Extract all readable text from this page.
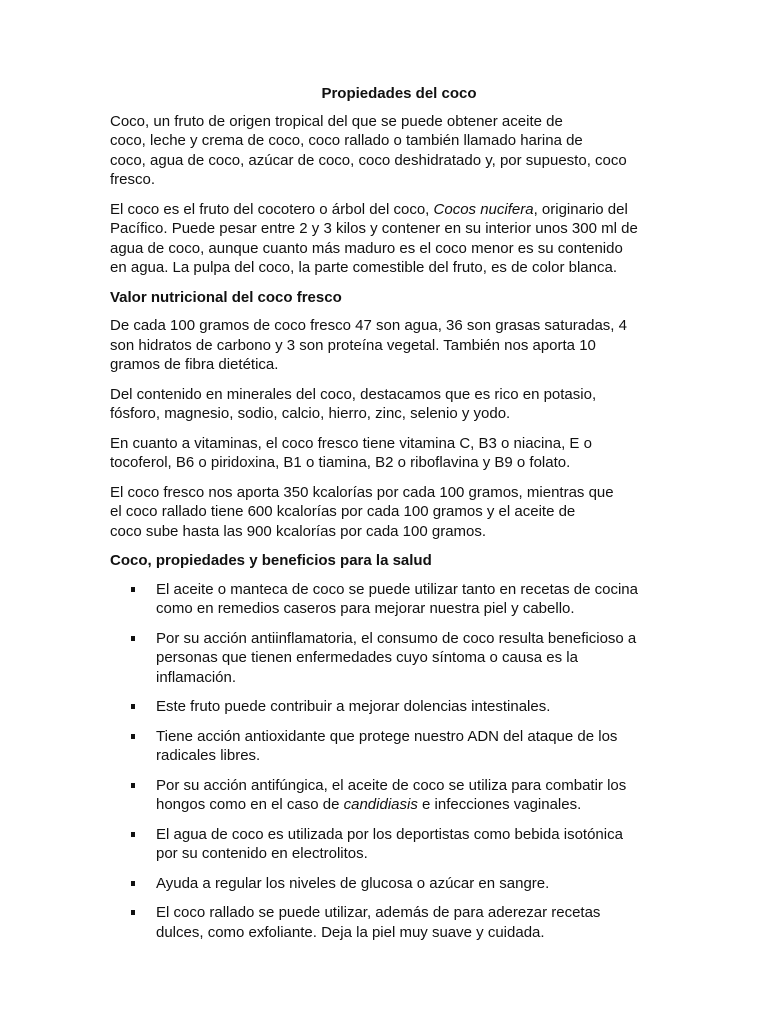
Propiedades del coco

Coco, un fruto de origen tropical del que se puede obtener aceite de
coco, leche y crema de coco, coco rallado o también llamado harina de
coco, agua de coco, azúcar de coco, coco deshidratado y, por supuesto, coco
fresco.

El coco es el fruto del cocotero o árbol del coco, Cocos nucifera, originario del
Pacífico. Puede pesar entre 2 y 3 kilos y contener en su interior unos 300 ml de
agua de coco, aunque cuanto más maduro es el coco menor es su contenido
en agua. La pulpa del coco, la parte comestible del fruto, es de color blanca.

Valor nutricional del coco fresco

De cada 100 gramos de coco fresco 47 son agua, 36 son grasas saturadas, 4
son hidratos de carbono y 3 son proteína vegetal. También nos aporta 10
gramos de fibra dietética.

Del contenido en minerales del coco, destacamos que es rico en potasio,
fósforo, magnesio, sodio, calcio, hierro, zinc, selenio y yodo.

En cuanto a vitaminas, el coco fresco tiene vitamina C, B3 o niacina, E o
tocoferol, B6 o piridoxina, B1 o tiamina, B2 o riboflavina y B9 o folato.

El coco fresco nos aporta 350 kcalorías por cada 100 gramos, mientras que
el coco rallado tiene 600 kcalorías por cada 100 gramos y el aceite de
coco sube hasta las 900 kcalorías por cada 100 gramos.

Coco, propiedades y beneficios para la salud
El aceite o manteca de coco se puede utilizar tanto en recetas de cocina
como en remedios caseros para mejorar nuestra piel y cabello.
Por su acción antiinflamatoria, el consumo de coco resulta beneficioso a
personas que tienen enfermedades cuyo síntoma o causa es la
inflamación.
Este fruto puede contribuir a mejorar dolencias intestinales.
Tiene acción antioxidante que protege nuestro ADN del ataque de los
radicales libres.
Por su acción antifúngica, el aceite de coco se utiliza para combatir los
hongos como en el caso de candidiasis e infecciones vaginales.
El agua de coco es utilizada por los deportistas como bebida isotónica
por su contenido en electrolitos.
Ayuda a regular los niveles de glucosa o azúcar en sangre.
El coco rallado se puede utilizar, además de para aderezar recetas
dulces, como exfoliante. Deja la piel muy suave y cuidada.
